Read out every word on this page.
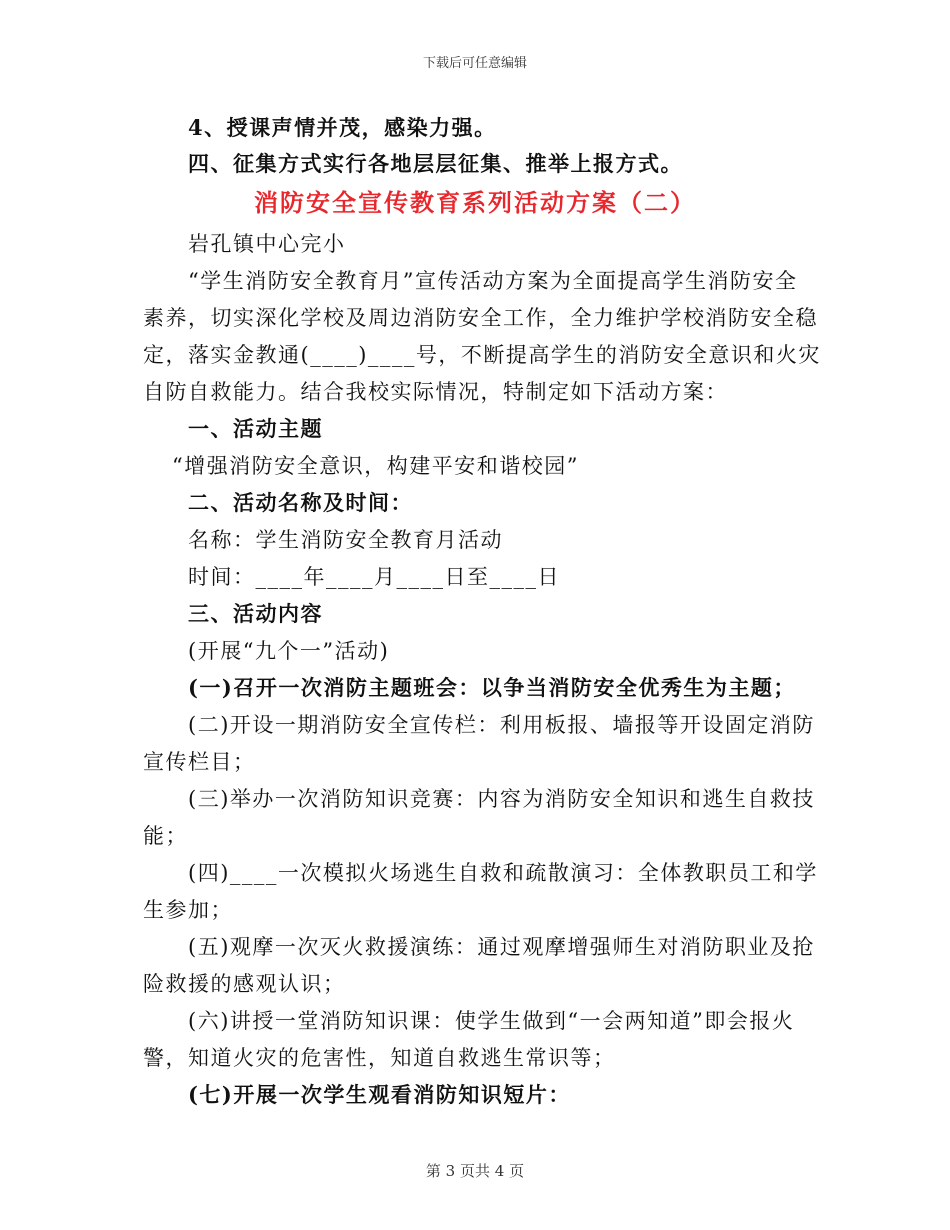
下载后可任意编辑
4、授课声情并茂，感染力强。
四、征集方式实行各地层层征集、推举上报方式。
消防安全宣传教育系列活动方案（二）
岩孔镇中心完小
“学生消防安全教育月”宣传活动方案为全面提高学生消防安全
素养，切实深化学校及周边消防安全工作，全力维护学校消防安全稳
定，落实金教通(____)____号，不断提高学生的消防安全意识和火灾
自防自救能力。结合我校实际情况，特制定如下活动方案：
一、活动主题
“增强消防安全意识，构建平安和谐校园”
二、活动名称及时间：
名称：学生消防安全教育月活动
时间：____年____月____日至____日
三、活动内容
(开展“九个一”活动)
(一)召开一次消防主题班会：以争当消防安全优秀生为主题；
(二)开设一期消防安全宣传栏：利用板报、墙报等开设固定消防
宣传栏目；
(三)举办一次消防知识竞赛：内容为消防安全知识和逃生自救技
能；
(四)____一次模拟火场逃生自救和疏散演习：全体教职员工和学
生参加；
(五)观摩一次灭火救援演练：通过观摩增强师生对消防职业及抢
险救援的感观认识；
(六)讲授一堂消防知识课：使学生做到“一会两知道”即会报火
警，知道火灾的危害性，知道自救逃生常识等；
(七)开展一次学生观看消防知识短片：
第 3 页共 4 页
